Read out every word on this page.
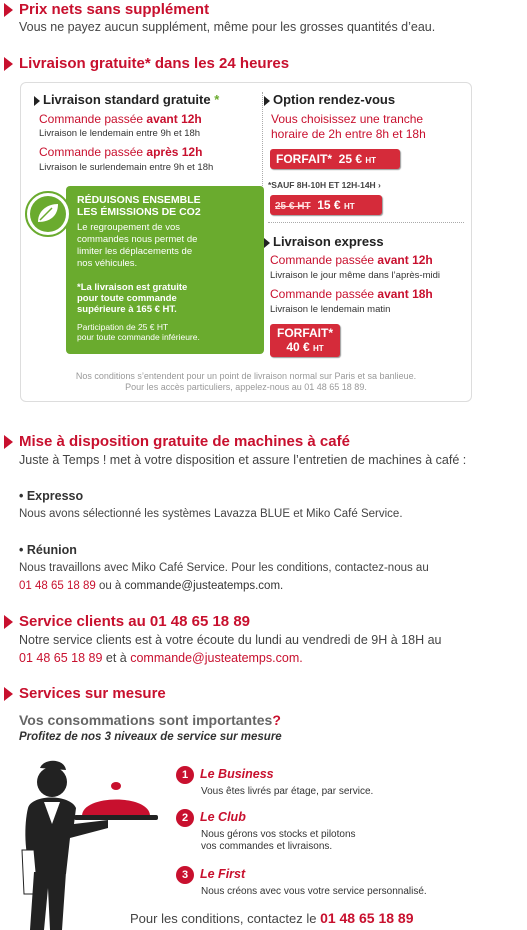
Prix nets sans supplément
Vous ne payez aucun supplément, même pour les grosses quantités d’eau.
Livraison gratuite* dans les 24 heures
Livraison standard gratuite *
Commande passée avant 12h
Livraison le lendemain entre 9h et 18h
Commande passée après 12h
Livraison le surlendemain entre 9h et 18h
RÉDUISONS ENSEMBLE
LES ÉMISSIONS DE CO2
Le regroupement de vos
commandes nous permet de
limiter les déplacements de
nos véhicules.
*La livraison est gratuite
pour toute commande
supérieure à 165 € HT.
Participation de 25 € HT
pour toute commande inférieure.
Option rendez-vous
Vous choisissez une tranche
horaire de 2h entre 8h et 18h
FORFAIT* 25 € HT
*SAUF 8H-10H ET 12H-14H ›
25 € HT 15 € HT
Livraison express
Commande passée avant 12h
Livraison le jour même dans l’après-midi
Commande passée avant 18h
Livraison le lendemain matin
FORFAIT*
40 € HT
Nos conditions s’entendent pour un point de livraison normal sur Paris et sa banlieue.
Pour les accès particuliers, appelez-nous au 01 48 65 18 89.
Mise à disposition gratuite de machines à café
Juste à Temps ! met à votre disposition et assure l’entretien de machines à café :
• Expresso
Nous avons sélectionné les systèmes Lavazza BLUE et Miko Café Service.
• Réunion
Nous travaillons avec Miko Café Service. Pour les conditions, contactez-nous au
01 48 65 18 89 ou à commande@justeatemps.com.
Service clients au 01 48 65 18 89
Notre service clients est à votre écoute du lundi au vendredi de 9H à 18H au
01 48 65 18 89 et à commande@justeatemps.com.
Services sur mesure
Vos consommations sont importantes?
Profitez de nos 3 niveaux de service sur mesure
1 Le Business
Vous êtes livrés par étage, par service.
2 Le Club
Nous gérons vos stocks et pilotons
vos commandes et livraisons.
3 Le First
Nous créons avec vous votre service personnalisé.
Pour les conditions, contactez le 01 48 65 18 89
